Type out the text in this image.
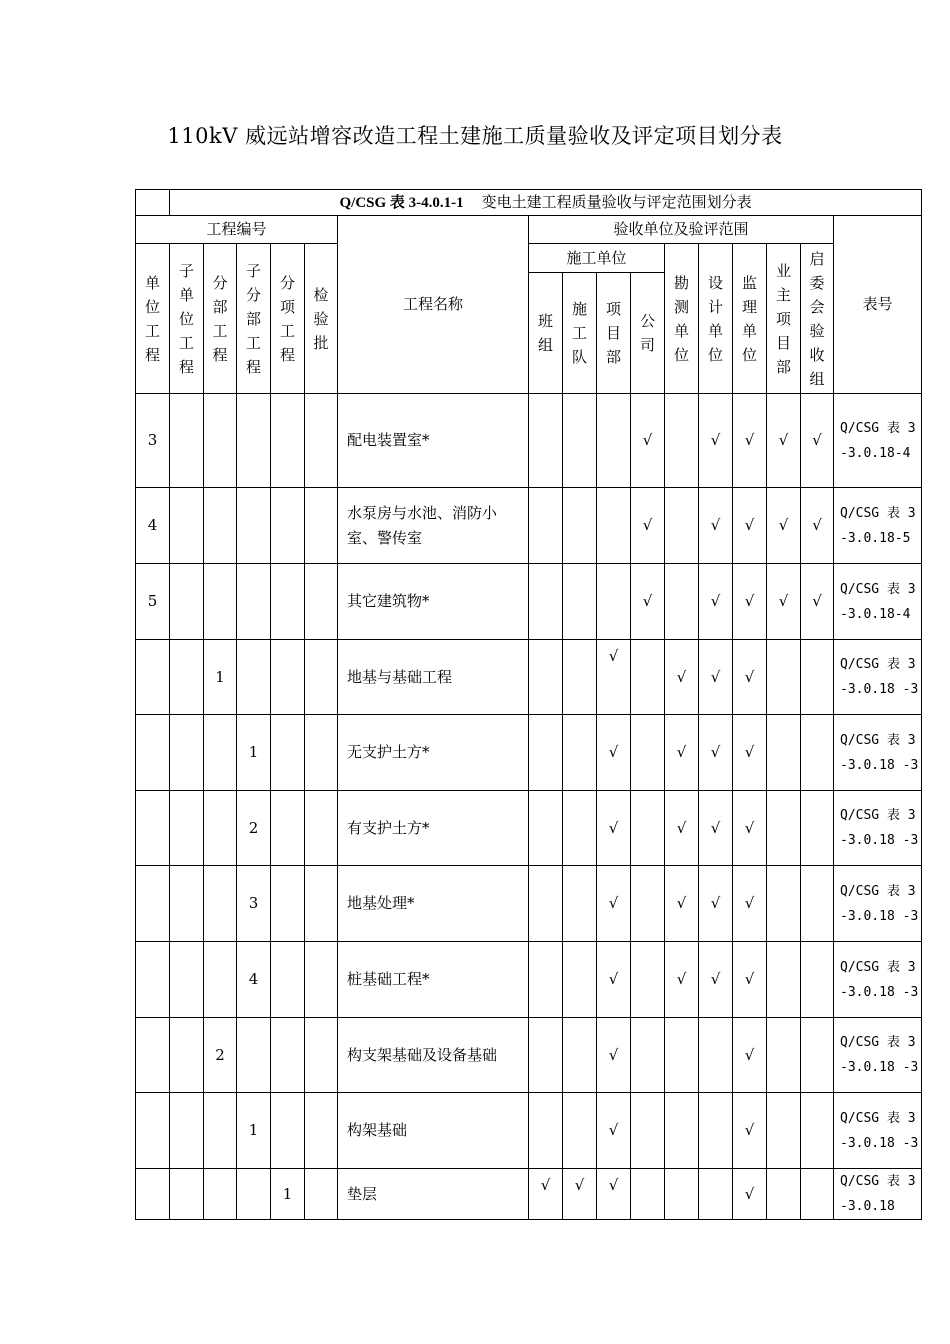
110kV 威远站增容改造工程土建施工质量验收及评定项目划分表
	Q/CSG 表 3-4.0.1-1 变电土建工程质量验收与评定范围划分表															
工程编号						工程名称	验收单位及验评范围									表号
单位工程	子单位工程	分部工程	子分部工程	分项工程	检验批		施工单位				勘测单位	设计单位	监理单位	业主项目部	启委会验收组	
							班组	施工队	项目部	公司						
3						配电装置室*				√		√	√	√	√	Q/CSG 表 3-3.0.18-4
4						水泵房与水池、消防小室、警传室				√		√	√	√	√	Q/CSG 表 3-3.0.18-5
5						其它建筑物*				√		√	√	√	√	Q/CSG 表 3-3.0.18-4
		1				地基与基础工程			√		√	√	√			Q/CSG 表 3-3.0.18 -3
			1			无支护土方*			√		√	√	√			Q/CSG 表 3-3.0.18 -3
			2			有支护土方*			√		√	√	√			Q/CSG 表 3-3.0.18 -3
			3			地基处理*			√		√	√	√			Q/CSG 表 3-3.0.18 -3
			4			桩基础工程*			√		√	√	√			Q/CSG 表 3-3.0.18 -3
		2				构支架基础及设备基础			√				√			Q/CSG 表 3-3.0.18 -3
			1			构架基础			√				√			Q/CSG 表 3-3.0.18 -3
				1		垫层	√	√	√				√			Q/CSG 表 3-3.0.18
